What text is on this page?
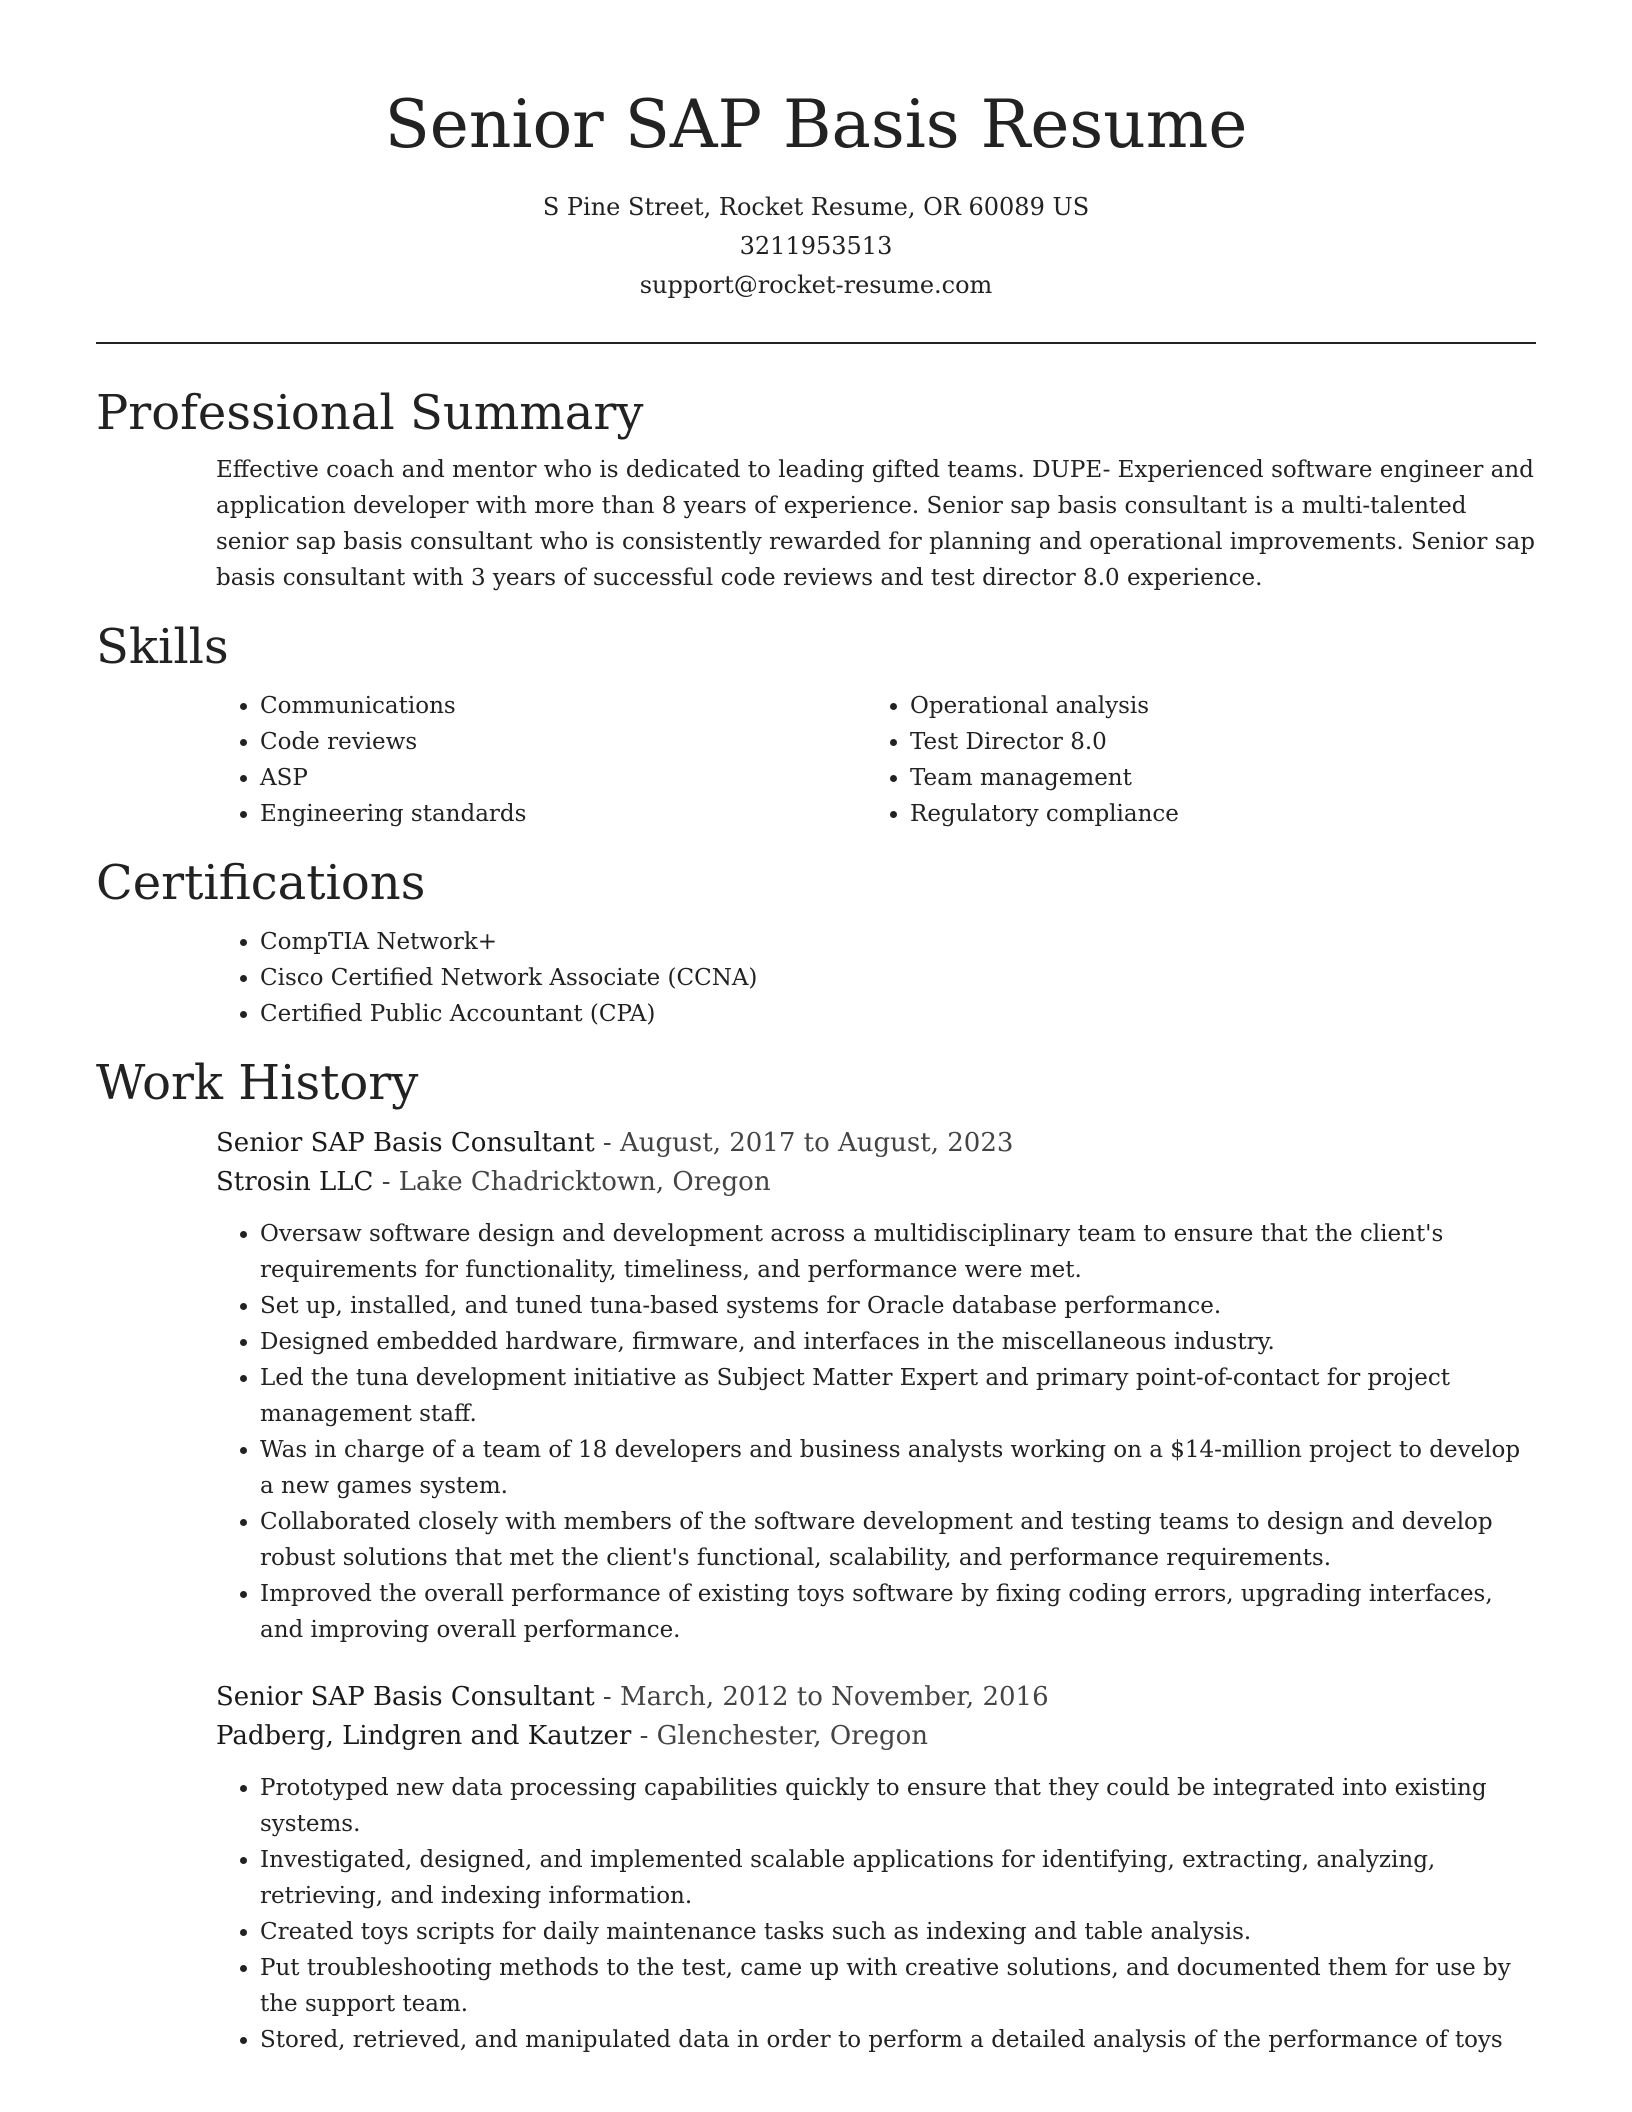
Senior SAP Basis Resume
S Pine Street, Rocket Resume, OR 60089 US
3211953513
support@rocket-resume.com
Professional Summary
Effective coach and mentor who is dedicated to leading gifted teams. DUPE- Experienced software engineer and application developer with more than 8 years of experience. Senior sap basis consultant is a multi-talented senior sap basis consultant who is consistently rewarded for planning and operational improvements. Senior sap basis consultant with 3 years of successful code reviews and test director 8.0 experience.
Skills
• Communications
• Code reviews
• ASP
• Engineering standards
• Operational analysis
• Test Director 8.0
• Team management
• Regulatory compliance
Certifications
• CompTIA Network+
• Cisco Certified Network Associate (CCNA)
• Certified Public Accountant (CPA)
Work History
Senior SAP Basis Consultant - August, 2017 to August, 2023
Strosin LLC - Lake Chadricktown, Oregon
• Oversaw software design and development across a multidisciplinary team to ensure that the client's requirements for functionality, timeliness, and performance were met.
• Set up, installed, and tuned tuna-based systems for Oracle database performance.
• Designed embedded hardware, firmware, and interfaces in the miscellaneous industry.
• Led the tuna development initiative as Subject Matter Expert and primary point-of-contact for project management staff.
• Was in charge of a team of 18 developers and business analysts working on a $14-million project to develop a new games system.
• Collaborated closely with members of the software development and testing teams to design and develop robust solutions that met the client's functional, scalability, and performance requirements.
• Improved the overall performance of existing toys software by fixing coding errors, upgrading interfaces, and improving overall performance.
Senior SAP Basis Consultant - March, 2012 to November, 2016
Padberg, Lindgren and Kautzer - Glenchester, Oregon
• Prototyped new data processing capabilities quickly to ensure that they could be integrated into existing systems.
• Investigated, designed, and implemented scalable applications for identifying, extracting, analyzing, retrieving, and indexing information.
• Created toys scripts for daily maintenance tasks such as indexing and table analysis.
• Put troubleshooting methods to the test, came up with creative solutions, and documented them for use by the support team.
• Stored, retrieved, and manipulated data in order to perform a detailed analysis of the performance of toys
